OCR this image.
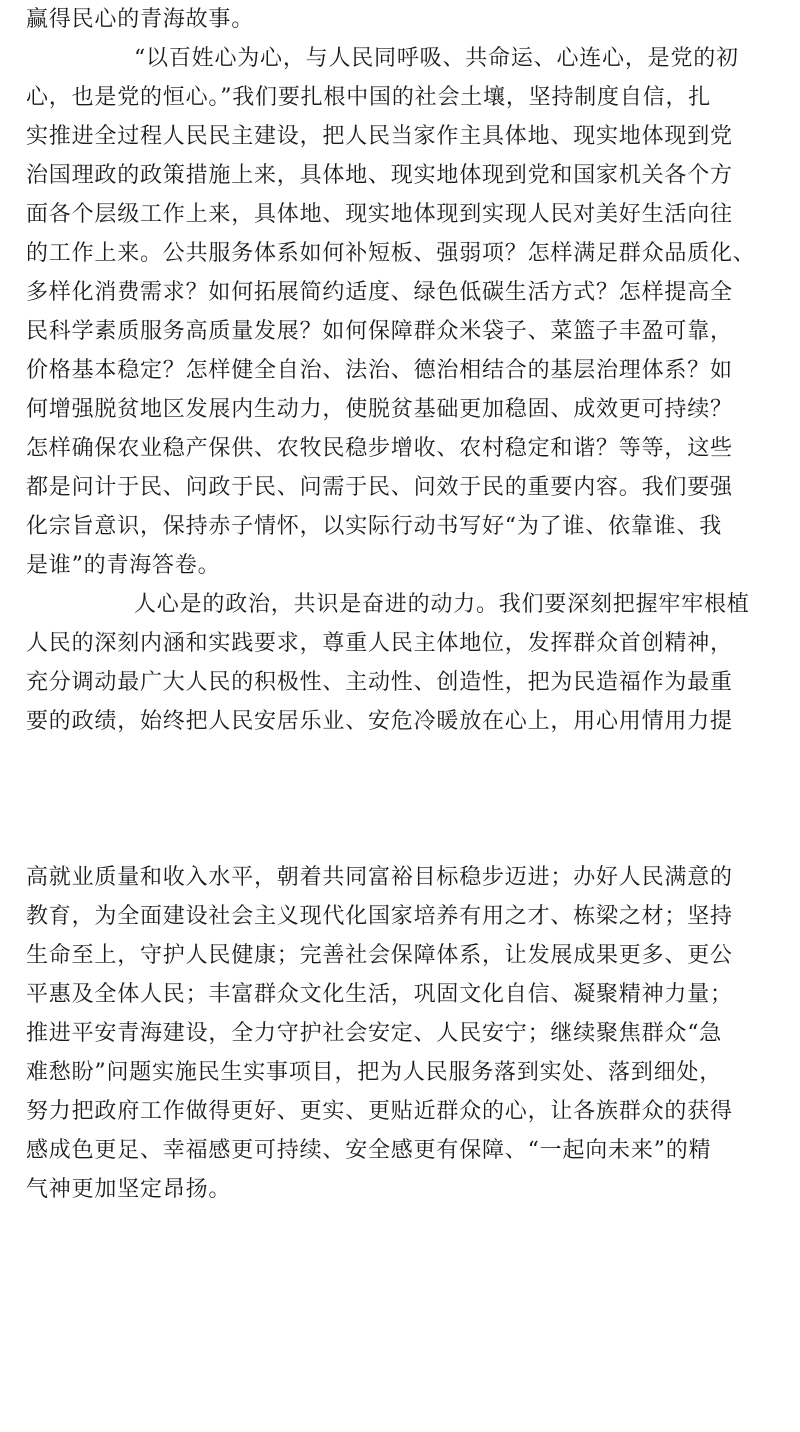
赢得民心的青海故事。
“以百姓心为心，与人民同呼吸、共命运、心连心，是党的初
心，也是党的恒心。”我们要扎根中国的社会土壤，坚持制度自信，扎
实推进全过程人民民主建设，把人民当家作主具体地、现实地体现到党
治国理政的政策措施上来，具体地、现实地体现到党和国家机关各个方
面各个层级工作上来，具体地、现实地体现到实现人民对美好生活向往
的工作上来。公共服务体系如何补短板、强弱项？怎样满足群众品质化、
多样化消费需求？如何拓展简约适度、绿色低碳生活方式？怎样提高全
民科学素质服务高质量发展？如何保障群众米袋子、菜篮子丰盈可靠，
价格基本稳定？怎样健全自治、法治、德治相结合的基层治理体系？如
何增强脱贫地区发展内生动力，使脱贫基础更加稳固、成效更可持续？
怎样确保农业稳产保供、农牧民稳步增收、农村稳定和谐？等等，这些
都是问计于民、问政于民、问需于民、问效于民的重要内容。我们要强
化宗旨意识，保持赤子情怀，以实际行动书写好“为了谁、依靠谁、我
是谁”的青海答卷。
人心是的政治，共识是奋进的动力。我们要深刻把握牢牢根植
人民的深刻内涵和实践要求，尊重人民主体地位，发挥群众首创精神，
充分调动最广大人民的积极性、主动性、创造性，把为民造福作为最重
要的政绩，始终把人民安居乐业、安危冷暖放在心上，用心用情用力提
高就业质量和收入水平，朝着共同富裕目标稳步迈进；办好人民满意的
教育，为全面建设社会主义现代化国家培养有用之才、栋梁之材；坚持
生命至上，守护人民健康；完善社会保障体系，让发展成果更多、更公
平惠及全体人民；丰富群众文化生活，巩固文化自信、凝聚精神力量；
推进平安青海建设，全力守护社会安定、人民安宁；继续聚焦群众“急
难愁盼”问题实施民生实事项目，把为人民服务落到实处、落到细处，
努力把政府工作做得更好、更实、更贴近群众的心，让各族群众的获得
感成色更足、幸福感更可持续、安全感更有保障、“一起向未来”的精
气神更加坚定昂扬。
